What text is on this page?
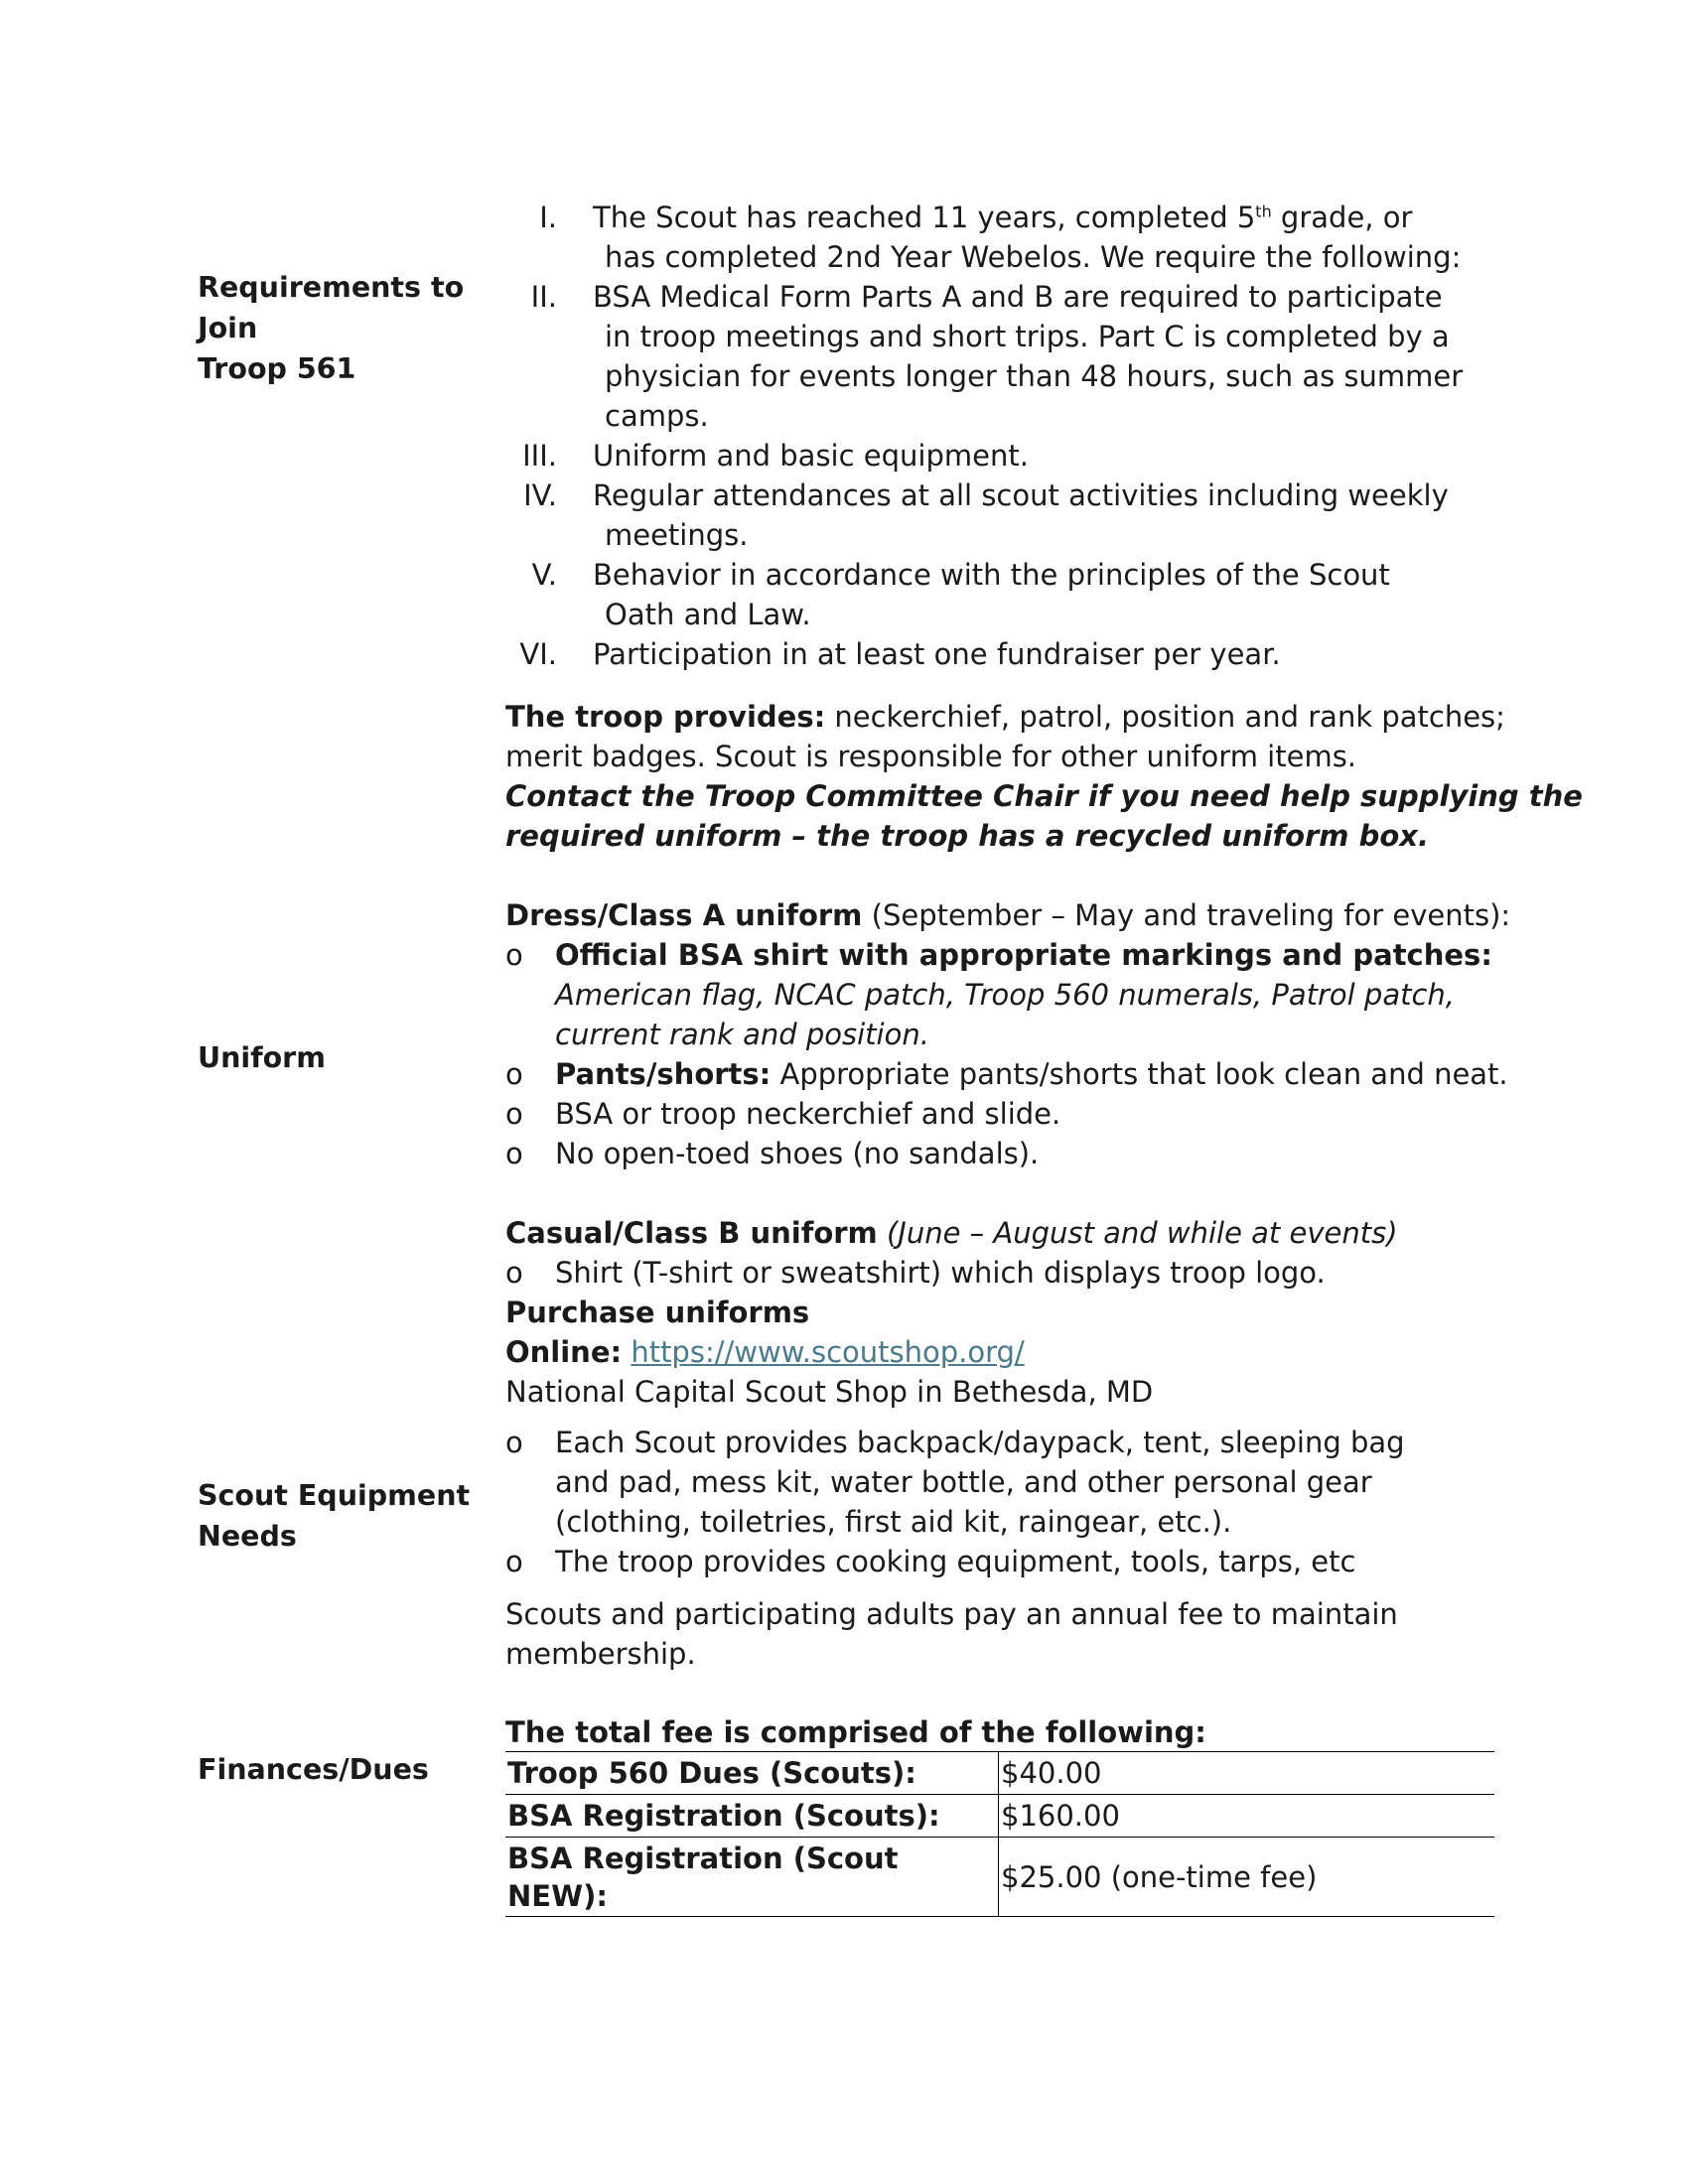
Requirements to Join
Troop 561
Uniform
Scout Equipment
Needs
Finances/Dues
I. The Scout has reached 11 years, completed 5th grade, or
has completed 2nd Year Webelos. We require the following:
II. BSA Medical Form Parts A and B are required to participate
in troop meetings and short trips. Part C is completed by a
physician for events longer than 48 hours, such as summer
camps.
III. Uniform and basic equipment.
IV. Regular attendances at all scout activities including weekly
meetings.
V. Behavior in accordance with the principles of the Scout
Oath and Law.
VI. Participation in at least one fundraiser per year.
The troop provides: neckerchief, patrol, position and rank patches;
merit badges. Scout is responsible for other uniform items.
Contact the Troop Committee Chair if you need help supplying the
required uniform – the troop has a recycled uniform box.
Dress/Class A uniform (September – May and traveling for events):
o Official BSA shirt with appropriate markings and patches:
American flag, NCAC patch, Troop 560 numerals, Patrol patch,
current rank and position.
o Pants/shorts: Appropriate pants/shorts that look clean and neat.
o BSA or troop neckerchief and slide.
o No open-toed shoes (no sandals).
Casual/Class B uniform (June – August and while at events)
o Shirt (T-shirt or sweatshirt) which displays troop logo.
Purchase uniforms
Online: https://www.scoutshop.org/
National Capital Scout Shop in Bethesda, MD
o Each Scout provides backpack/daypack, tent, sleeping bag
and pad, mess kit, water bottle, and other personal gear
(clothing, toiletries, first aid kit, raingear, etc.).
o The troop provides cooking equipment, tools, tarps, etc
Scouts and participating adults pay an annual fee to maintain
membership.
The total fee is comprised of the following:
Troop 560 Dues (Scouts):	$40.00
BSA Registration (Scouts):	$160.00

BSA Registration (Scout
NEW):	$25.00 (one-time fee)
